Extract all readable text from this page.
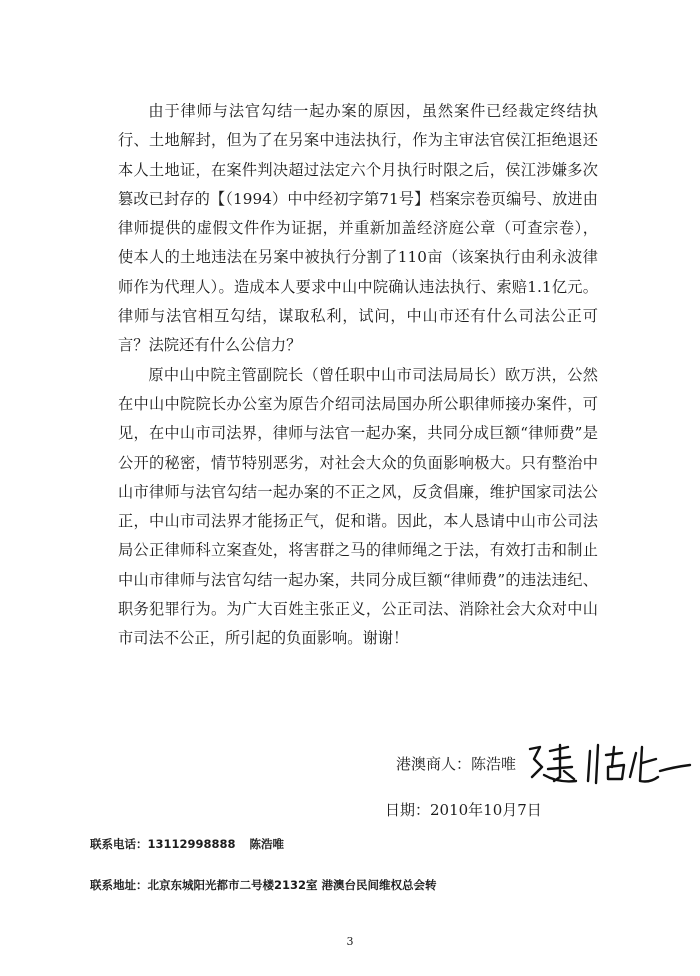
由于律师与法官勾结一起办案的原因，虽然案件已经裁定终结执行、土地解封，但为了在另案中违法执行，作为主审法官侯江拒绝退还本人土地证，在案件判决超过法定六个月执行时限之后，侯江涉嫌多次篡改已封存的【（1994）中中经初字第71号】档案宗卷页编号、放进由律师提供的虚假文件作为证据，并重新加盖经济庭公章（可查宗卷），使本人的土地违法在另案中被执行分割了110亩（该案执行由利永波律师作为代理人）。造成本人要求中山中院确认违法执行、索赔1.1亿元。律师与法官相互勾结，谋取私利，试问，中山市还有什么司法公正可言？法院还有什么公信力？

原中山中院主管副院长（曾任职中山市司法局局长）欧万洪，公然在中山中院院长办公室为原告介绍司法局国办所公职律师接办案件，可见，在中山市司法界，律师与法官一起办案，共同分成巨额“律师费”是公开的秘密，情节特别恶劣，对社会大众的负面影响极大。只有整治中山市律师与法官勾结一起办案的不正之风，反贪倡廉，维护国家司法公正，中山市司法界才能扬正气，促和谐。因此，本人恳请中山市公司法局公正律师科立案查处，将害群之马的律师绳之于法，有效打击和制止中山市律师与法官勾结一起办案，共同分成巨额“律师费”的违法违纪、职务犯罪行为。为广大百姓主张正义，公正司法、消除社会大众对中山市司法不公正，所引起的负面影响。谢谢！

港澳商人：陈浩唯
日期：2010年10月7日
联系电话：13112998888 陈浩唯
联系地址：北京东城阳光都市二号楼2132室 港澳台民间维权总会转
3
